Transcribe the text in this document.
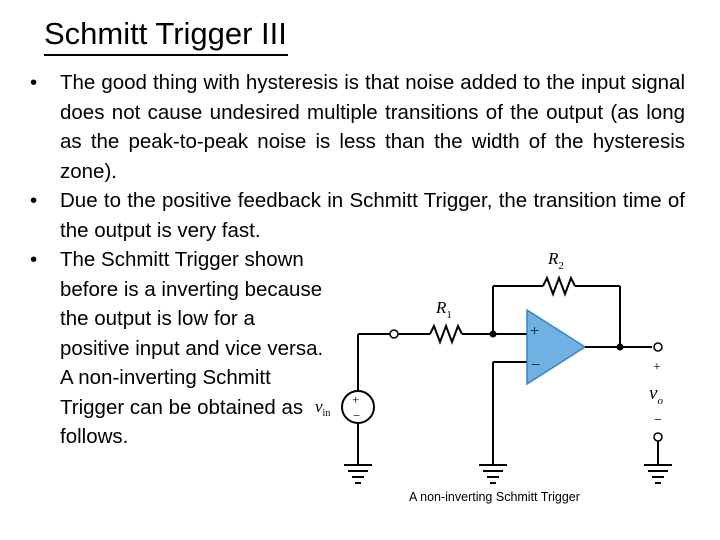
Schmitt Trigger III
• The good thing with hysteresis is that noise added to the input signal does not cause undesired multiple transitions of the output (as long as the peak-to-peak noise is less than the width of the hysteresis zone).
• Due to the positive feedback in Schmitt Trigger, the transition time of the output is very fast.
• The Schmitt Trigger shown before is a inverting because the output is low for a positive input and vice versa. A non-inverting Schmitt Trigger can be obtained as follows.
$R_2$
$R_1$
$v_{in}$
$v_o$
+
−
+
−
+
−
A non-inverting Schmitt Trigger
